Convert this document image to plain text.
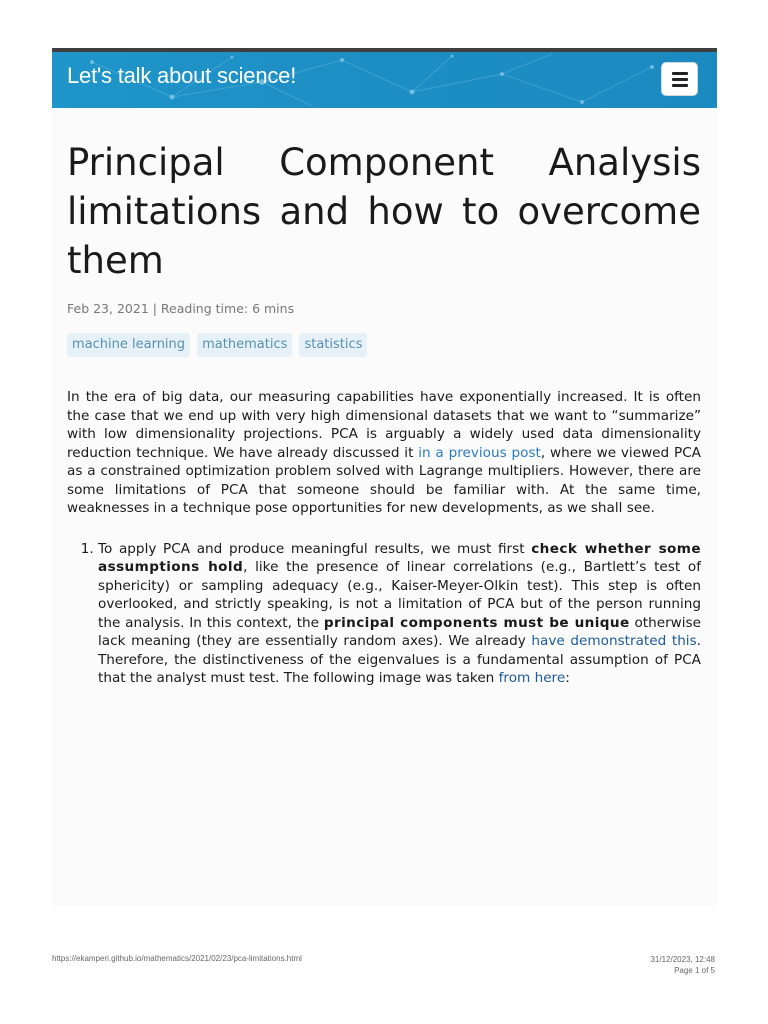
Let's talk about science!
Principal Component Analysis limitations and how to overcome them
Feb 23, 2021 | Reading time: 6 mins
machine learning mathematics statistics

In the era of big data, our measuring capabilities have exponentially increased. It is often the case that we end up with very high dimensional datasets that we want to “summarize” with low dimensionality projections. PCA is arguably a widely used data dimensionality reduction technique. We have already discussed it in a previous post, where we viewed PCA as a constrained optimization problem solved with Lagrange multipliers. However, there are some limitations of PCA that someone should be familiar with. At the same time, weaknesses in a technique pose opportunities for new developments, as we shall see.

1. To apply PCA and produce meaningful results, we must first check whether some assumptions hold, like the presence of linear correlations (e.g., Bartlett’s test of sphericity) or sampling adequacy (e.g., Kaiser-Meyer-Olkin test). This step is often overlooked, and strictly speaking, is not a limitation of PCA but of the person running the analysis. In this context, the principal components must be unique otherwise lack meaning (they are essentially random axes). We already have demonstrated this. Therefore, the distinctiveness of the eigenvalues is a fundamental assumption of PCA that the analyst must test. The following image was taken from here:
https://ekamperi.github.io/mathematics/2021/02/23/pca-limitations.html	31/12/2023, 12:48
Page 1 of 5
